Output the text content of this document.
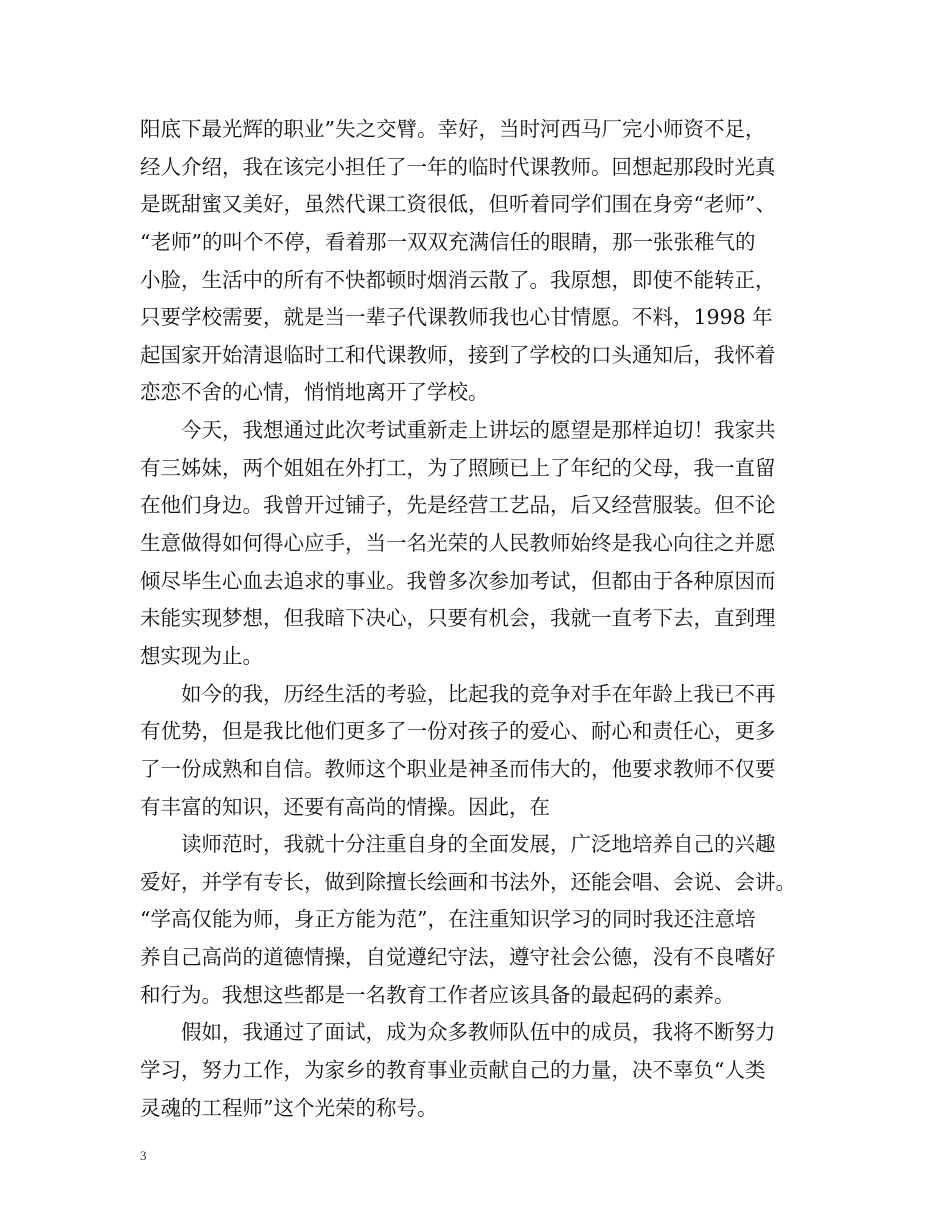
阳底下最光辉的职业”失之交臂。幸好，当时河西马厂完小师资不足，
经人介绍，我在该完小担任了一年的临时代课教师。回想起那段时光真
是既甜蜜又美好，虽然代课工资很低，但听着同学们围在身旁“老师”、
“老师”的叫个不停，看着那一双双充满信任的眼睛，那一张张稚气的
小脸，生活中的所有不快都顿时烟消云散了。我原想，即使不能转正，
只要学校需要，就是当一辈子代课教师我也心甘情愿。不料，1998 年
起国家开始清退临时工和代课教师，接到了学校的口头通知后，我怀着
恋恋不舍的心情，悄悄地离开了学校。
　　今天，我想通过此次考试重新走上讲坛的愿望是那样迫切！我家共
有三姊妹，两个姐姐在外打工，为了照顾已上了年纪的父母，我一直留
在他们身边。我曾开过铺子，先是经营工艺品，后又经营服装。但不论
生意做得如何得心应手，当一名光荣的人民教师始终是我心向往之并愿
倾尽毕生心血去追求的事业。我曾多次参加考试，但都由于各种原因而
未能实现梦想，但我暗下决心，只要有机会，我就一直考下去，直到理
想实现为止。
　　如今的我，历经生活的考验，比起我的竞争对手在年龄上我已不再
有优势，但是我比他们更多了一份对孩子的爱心、耐心和责任心，更多
了一份成熟和自信。教师这个职业是神圣而伟大的，他要求教师不仅要
有丰富的知识，还要有高尚的情操。因此，在
　　读师范时，我就十分注重自身的全面发展，广泛地培养自己的兴趣
爱好，并学有专长，做到除擅长绘画和书法外，还能会唱、会说、会讲。
“学高仅能为师，身正方能为范”，在注重知识学习的同时我还注意培
养自己高尚的道德情操，自觉遵纪守法，遵守社会公德，没有不良嗜好
和行为。我想这些都是一名教育工作者应该具备的最起码的素养。
　　假如，我通过了面试，成为众多教师队伍中的成员，我将不断努力
学习，努力工作，为家乡的教育事业贡献自己的力量，决不辜负“人类
灵魂的工程师”这个光荣的称号。
3
